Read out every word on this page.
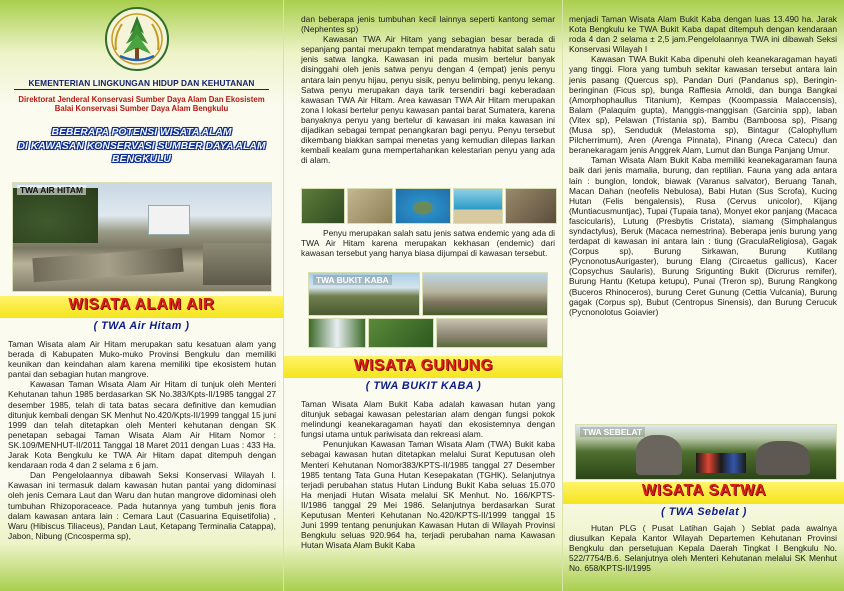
KEMENTERIAN LINGKUNGAN HIDUP DAN KEHUTANAN
Direktorat Jenderal Konservasi Sumber Daya Alam Dan Ekosistem
Balai Konservasi Sumber Daya Alam Bengkulu
BEBERAPA POTENSI WISATA ALAM
DI KAWASAN KONSERVASI SUMBER DAYA ALAM
BENGKULU
TWA AIR HITAM
WISATA ALAM AIR
( TWA Air Hitam )

Taman Wisata alam Air Hitam merupakan satu kesatuan alam yang berada di Kabupaten Muko-muko Provinsi Bengkulu dan memiliki keunikan dan keindahan alam karena memiliki tipe ekosistem hutan pantai dan sebagian hutan mangrove.

Kawasan Taman Wisata Alam Air Hitam di tunjuk oleh Menteri Kehutanan tahun 1985 berdasarkan SK No.383/Kpts-II/1985 tanggal 27 desember 1985, telah di tata batas secara definitive dan kemudian ditunjuk kembali dengan SK Menhut No.420/Kpts-II/1999 tanggal 15 juni 1999 dan telah ditetapkan oleh Menteri kehutanan dengan SK penetapan sebagai Taman Wisata Alam Air Hitam Nomor : SK.109/MENHUT-II/2011 Tanggal 18 Maret 2011 dengan Luas : 433 Ha. Jarak Kota Bengkulu ke TWA Air Hitam dapat ditempuh dengan kendaraan roda 4 dan 2 selama ± 6 jam.

Dan Pengelolaannya dibawah Seksi Konservasi Wilayah I. Kawasan ini termasuk dalam kawasan hutan pantai yang didominasi oleh jenis Cemara Laut dan Waru dan hutan mangrove didominasi oleh tumbuhan Rhizoporaceace. Pada hutannya yang tumbuh jenis flora dalam kawasan antara lain : Cemara Laut (Casuarina Equisetifolia) , Waru (Hibiscus Tiliaceus), Pandan Laut, Ketapang Terminalia Catappa), Jabon, Nibung (Cncosperma sp),

dan beberapa jenis tumbuhan kecil lainnya seperti kantong semar (Nephentes sp)

Kawasan TWA Air Hitam yang sebagian besar berada di sepanjang pantai merupakn tempat mendaratnya habitat salah satu jenis satwa langka. Kawasan ini pada musim bertelur banyak disinggahi oleh jenis satwa penyu dengan 4 (empat) jenis penyu antara lain penyu hijau, penyu sisik, penyu belimbing, penyu lekang. Satwa penyu merupakan daya tarik tersendiri bagi keberadaan kawasan TWA Air Hitam. Area kawasan TWA Air Hitam merupakan zona I lokasi bertelur penyu kawasan pantai barat Sumatera, karena banyaknya penyu yang bertelur di kawasan ini maka kawasan ini dijadikan sebagai tempat penangkaran bagi penyu. Penyu tersebut dikembang biakkan sampai menetas yang kemudian dilepas liarkan kembali kealam guna mempertahankan kelestarian penyu yang ada di alam.

Penyu merupakan salah satu jenis satwa endemic yang ada di TWA Air Hitam karena merupakan kekhasan (endemic) dari kawasan tersebut yang hanya biasa dijumpai di kawasan tersebut.
TWA BUKIT KABA
WISATA GUNUNG
( TWA BUKIT KABA )

Taman Wisata Alam Bukit Kaba adalah kawasan hutan yang ditunjuk sebagai kawasan pelestarian alam dengan fungsi pokok melindungi keanekaragaman hayati dan ekosistemnya dengan fungsi utama untuk pariwisata dan rekreasi alam.

Penunjukan Kawasan Taman Wisata Alam (TWA) Bukit kaba sebagai kawasan hutan ditetapkan melalui Surat Keputusan oleh Menteri Kehutanan Nomor383/KPTS-II/1985 tanggal 27 Desember 1985 tentang Tata Guna Hutan Kesepakatan (TGHK). Selanjutnya terjadi perubahan status Hutan Lindung Bukit Kaba seluas 15.070 Ha menjadi Hutan Wisata melalui SK Menhut. No. 166/KPTS-II/1986 tanggal 29 Mei 1986. Selanjutnya berdasarkan Surat Keputusan Menteri Kehutanan No.420/KPTS-II/1999 tanggal 15 Juni 1999 tentang penunjukan Kawasan Hutan di Wilayah Provinsi Bengkulu seluas 920.964 ha, terjadi perubahan nama Kawasan Hutan Wisata Alam Bukit Kaba

menjadi Taman Wisata Alam Bukit Kaba dengan luas 13.490 ha. Jarak Kota Bengkulu ke TWA Bukit Kaba dapat ditempuh dengan kendaraan roda 4 dan 2 selama ± 2,5 jam.Pengelolaannya TWA ini dibawah Seksi Konservasi Wilayah I

Kawasan TWA Bukit Kaba dipenuhi oleh keanekaragaman hayati yang tinggi. Flora yang tumbuh sekitar kawasan tersebut antara lain jenis pasang (Quercus sp), Pandan Duri (Pandanus sp), Beringin-beringinan (Ficus sp), bunga Rafflesia Arnoldi, dan bunga Bangkai (Amorphophaullus Titanium), Kempas (Koompassia Malaccensis), Balam (Palaquim gupta), Manggis-manggisan (Garcinia spp), laban (Vitex sp), Pelawan (Tristania sp), Bambu (Bamboosa sp), Pisang (Musa sp), Senduduk (Melastoma sp), Bintagur (Calophyllum Pilcherrimum), Aren (Arenga Pinnata), Pinang (Areca Catecu) dan beranekaragam jenis Anggrek Alam, Lumut dan Bunga Panjang Umur.

Taman Wisata Alam Bukit Kaba memiliki keanekagaraman fauna baik dari jenis mamalia, burung, dan reptilian. Fauna yang ada antara lain : bunglon, londok, biawak (Varanus salvator), Beruang Tanah, Macan Dahan (neofelis Nebulosa), Babi Hutan (Sus Scrofa), Kucing Hutan (Felis bengalensis), Rusa (Cervus unicolor), Kijang (Muntiacusmuntjac), Tupai (Tupaia tana), Monyet ekor panjang (Macaca fascicularis), Lutung (Presbytis Cristata), siamang (Simphalangus syndactylus), Beruk (Macaca nemestrina). Beberapa jenis burung yang terdapat di kawasan ini antara lain : tiung (GraculaReligiosa), Gagak (Corpus sp), Burung Sirkawan, Burung Kutilang (PycnonotusAurigaster), burung Elang (Circaetus gallicus), Kacer (Copsychus Saularis), Burung Srigunting Bukit (Dicrurus remifer), Burung Hantu (Ketupa ketupu), Punai (Treron sp), Burung Rangkong (Buceros Rhinoceros), burung Ceret Gunung (Cettia Vulcania), Burung gagak (Corpus sp), Bubut (Centropus Sinensis), dan Burung Cerucuk (Pycnonolotus Goiavier)

TWA SEBELAT
WISATA SATWA
( TWA Sebelat )
Hutan PLG ( Pusat Latihan Gajah ) Seblat pada awalnya diusulkan Kepala Kantor Wilayah Departemen Kehutanan Provinsi Bengkulu dan persetujuan Kepala Daerah Tingkat I Bengkulu No. 522/7754/B.6. Selanjutnya oleh Menteri Kehutanan melalui SK Menhut No. 658/KPTS-II/1995
